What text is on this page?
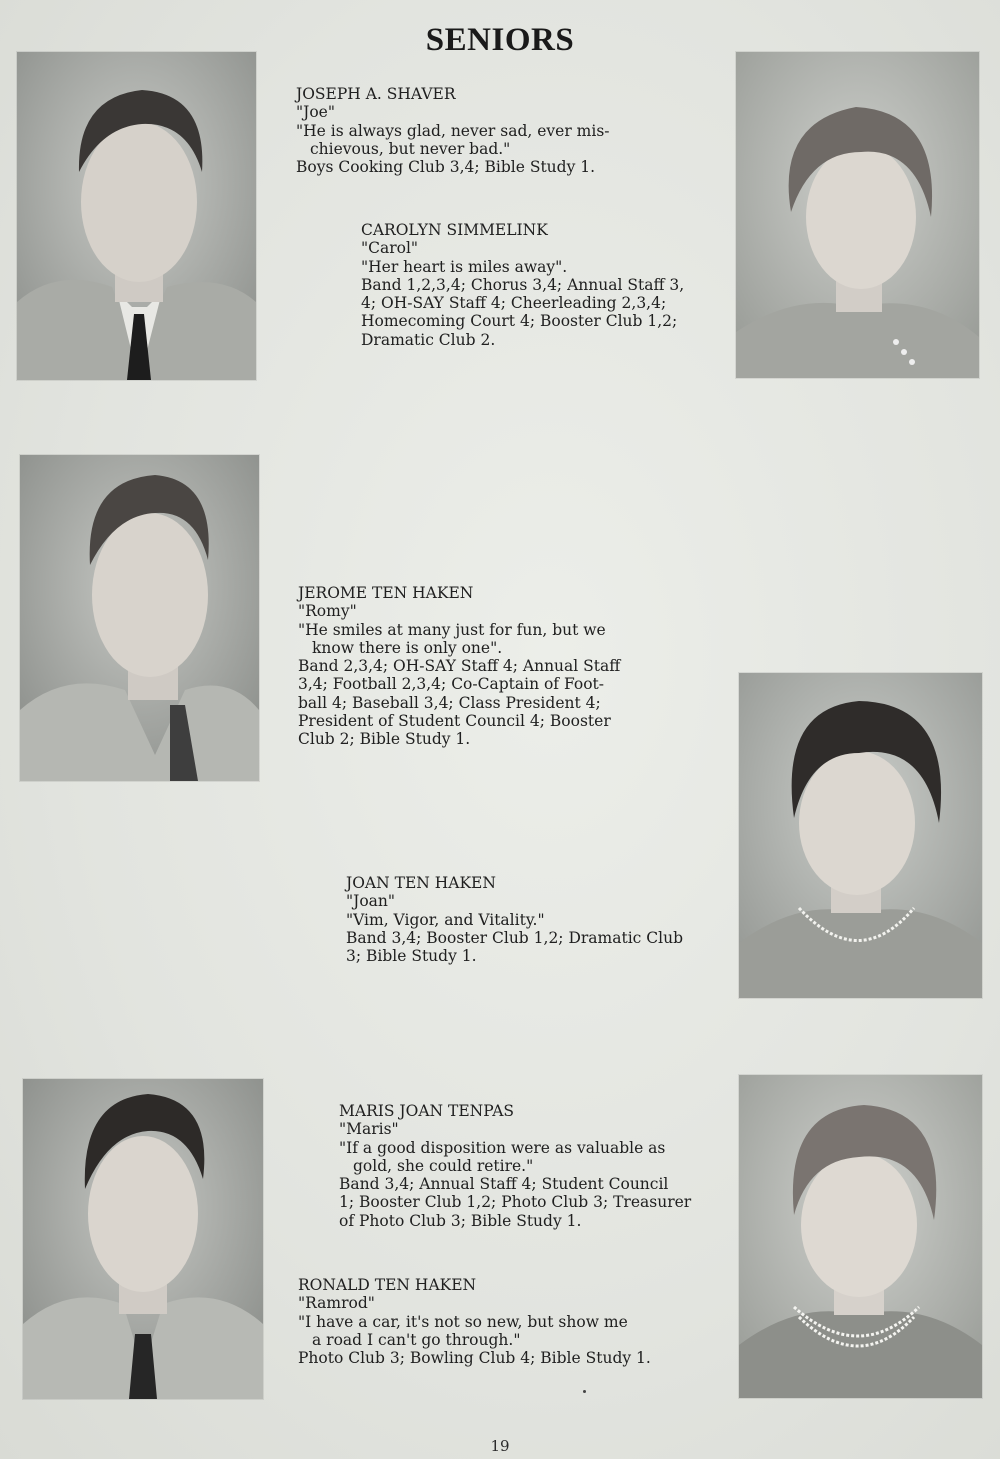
SENIORS
JOSEPH A. SHAVER
"Joe"
"He is always glad, never sad, ever mis-
chievous, but never bad."
Boys Cooking Club 3,4; Bible Study 1.
CAROLYN SIMMELINK
"Carol"
"Her heart is miles away".
Band 1,2,3,4; Chorus 3,4; Annual Staff 3,
4; OH-SAY Staff 4; Cheerleading 2,3,4;
Homecoming Court 4; Booster Club 1,2;
Dramatic Club 2.
JEROME TEN HAKEN
"Romy"
"He smiles at many just for fun, but we
know there is only one".
Band 2,3,4; OH-SAY Staff 4; Annual Staff
3,4; Football 2,3,4; Co-Captain of Foot-
ball 4; Baseball 3,4; Class President 4;
President of Student Council 4; Booster
Club 2; Bible Study 1.
JOAN TEN HAKEN
"Joan"
"Vim, Vigor, and Vitality."
Band 3,4; Booster Club 1,2; Dramatic Club
3; Bible Study 1.
MARIS JOAN TENPAS
"Maris"
"If a good disposition were as valuable as
gold, she could retire."
Band 3,4; Annual Staff 4; Student Council
1; Booster Club 1,2; Photo Club 3; Treasurer
of Photo Club 3; Bible Study 1.
RONALD TEN HAKEN
"Ramrod"
"I have a car, it's not so new, but show me
a road I can't go through."
Photo Club 3; Bowling Club 4; Bible Study 1.
19
